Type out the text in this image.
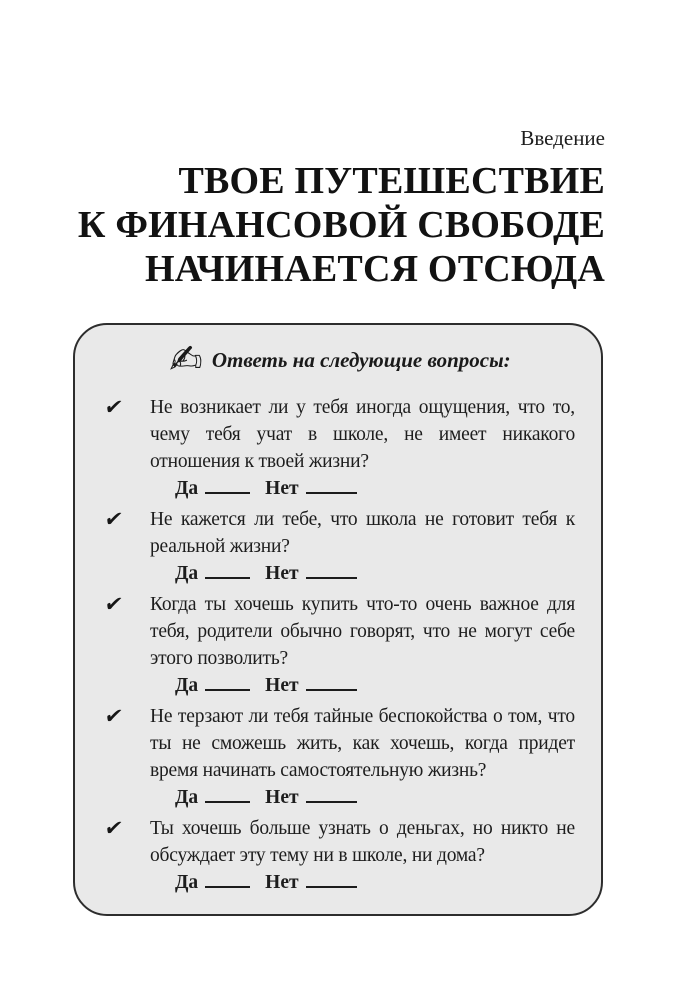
Введение
ТВОЕ ПУТЕШЕСТВИЕ
К ФИНАНСОВОЙ СВОБОДЕ
НАЧИНАЕТСЯ ОТСЮДА
✍ Ответь на следующие вопросы:
✔	Не возникает ли у тебя иногда ощущения, что то, чему тебя учат в школе, не имеет никакого отношения к твоей жизни?

Да	Нет
✔	Не кажется ли тебе, что школа не готовит тебя к реальной жизни?

Да	Нет
✔	Когда ты хочешь купить что-то очень важное для тебя, родители обычно говорят, что не могут себе этого позволить?

Да	Нет
✔	Не терзают ли тебя тайные беспокойства о том, что ты не сможешь жить, как хочешь, когда придет время начинать самостоятельную жизнь?

Да	Нет
✔	Ты хочешь больше узнать о деньгах, но никто не обсуждает эту тему ни в школе, ни дома?

Да	Нет
